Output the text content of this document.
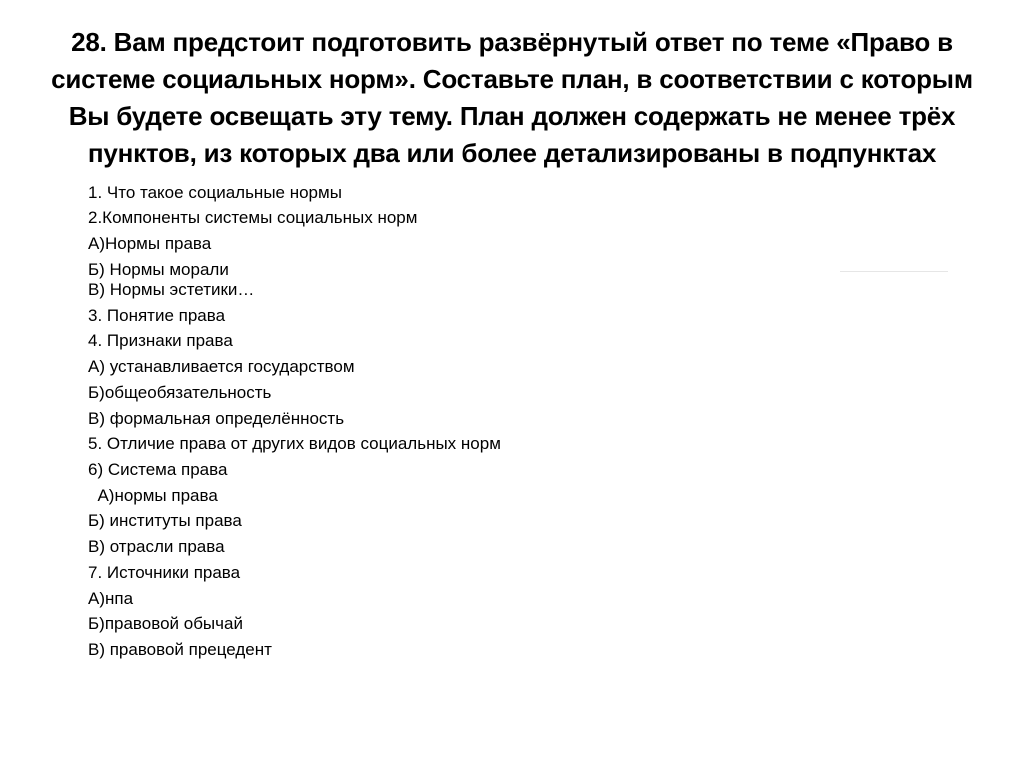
28. Вам предстоит подготовить развёрнутый ответ по теме «Право в
системе социальных норм». Составьте план, в соответствии с которым
Вы будете освещать эту тему. План должен содержать не менее трёх
пунктов, из которых два или более детализированы в подпунктах
1. Что такое социальные нормы
2.Компоненты системы социальных норм
А)Нормы права
Б) Нормы морали
В) Нормы эстетики…
3. Понятие права
4. Признаки права
А) устанавливается государством
Б)общеобязательность
В) формальная определённость
5. Отличие права от других видов социальных норм
6) Система права
А)нормы права
Б) институты права
В) отрасли права
7. Источники права
А)нпа
Б)правовой обычай
В) правовой прецедент
